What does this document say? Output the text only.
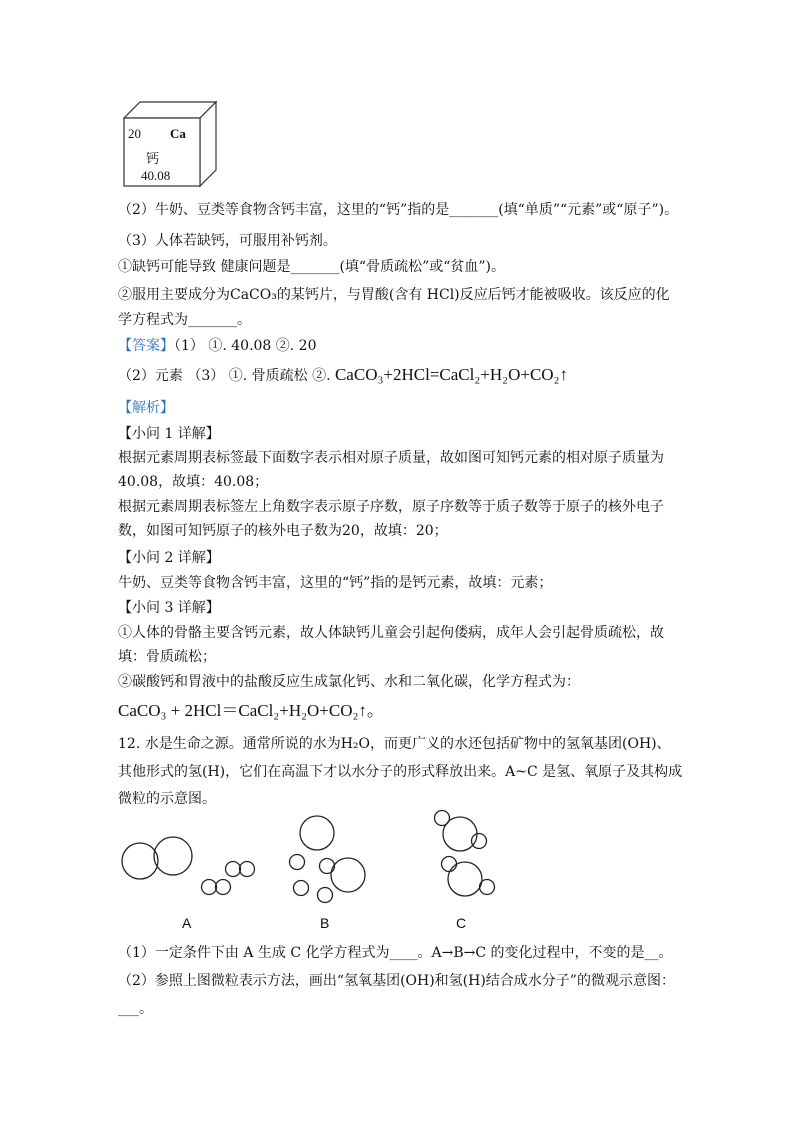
20 Ca
钙
40.08
（2）牛奶、豆类等食物含钙丰富，这里的“钙”指的是_______(填“单质”“元素”或“原子”)。
（3）人体若缺钙，可服用补钙剂。
①缺钙可能导致 健康问题是_______(填“骨质疏松”或“贫血”)。
②服用主要成分为CaCO₃的某钙片，与胃酸(含有 HCl)反应后钙才能被吸收。该反应的化
学方程式为_______。
【答案】（1） ①. 40.08 ②. 20
（2）元素 （3） ①. 骨质疏松 ②. CaCO₃+2HCl=CaCl₂+H₂O+CO₂↑
【解析】
【小问 1 详解】
根据元素周期表标签最下面数字表示相对原子质量，故如图可知钙元素的相对原子质量为
40.08，故填：40.08；
根据元素周期表标签左上角数字表示原子序数，原子序数等于质子数等于原子的核外电子
数，如图可知钙原子的核外电子数为20，故填：20；
【小问 2 详解】
牛奶、豆类等食物含钙丰富，这里的“钙”指的是钙元素，故填：元素；
【小问 3 详解】
①人体的骨骼主要含钙元素，故人体缺钙儿童会引起佝偻病，成年人会引起骨质疏松，故
填：骨质疏松；
②碳酸钙和胃液中的盐酸反应生成氯化钙、水和二氧化碳，化学方程式为：
CaCO₃ + 2HCl＝CaCl₂+H₂O+CO₂↑。
12. 水是生命之源。通常所说的水为H₂O，而更广义的水还包括矿物中的氢氧基团(OH)、
其他形式的氢(H)，它们在高温下才以水分子的形式释放出来。A~C 是氢、氧原子及其构成
微粒的示意图。
A	B	C
（1）一定条件下由 A 生成 C 化学方程式为____。A→B→C 的变化过程中，不变的是__。
（2）参照上图微粒表示方法，画出“氢氧基团(OH)和氢(H)结合成水分子”的微观示意图：
___。
